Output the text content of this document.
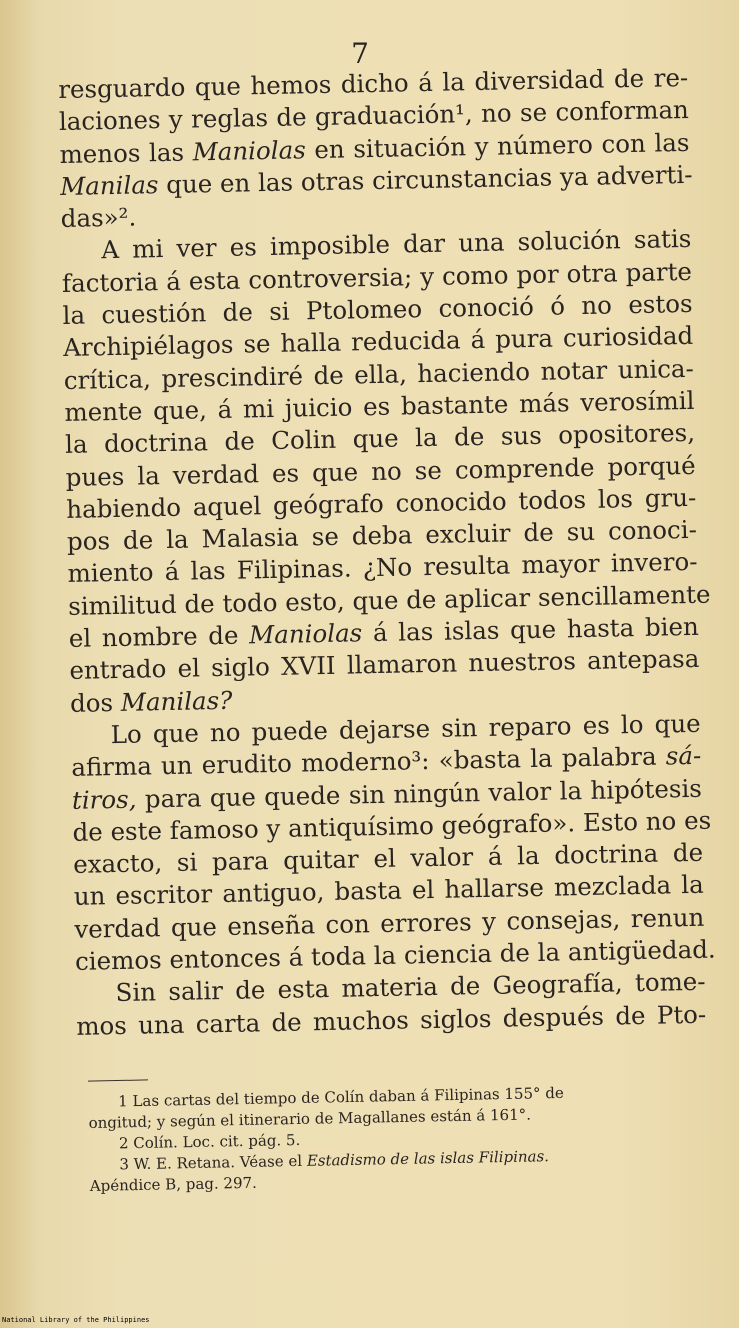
7
resguardo que hemos dicho á la diversidad de re-
laciones y reglas de graduación¹, no se conforman
menos las Maniolas en situación y número con las
Manilas que en las otras circunstancias ya adverti-
das»².
A mi ver es imposible dar una solución satis
factoria á esta controversia; y como por otra parte
la cuestión de si Ptolomeo conoció ó no estos
Archipiélagos se halla reducida á pura curiosidad
crítica, prescindiré de ella, haciendo notar unica-
mente que, á mi juicio es bastante más verosímil
la doctrina de Colin que la de sus opositores,
pues la verdad es que no se comprende porqué
habiendo aquel geógrafo conocido todos los gru-
pos de la Malasia se deba excluir de su conoci-
miento á las Filipinas. ¿No resulta mayor invero-
similitud de todo esto, que de aplicar sencillamente
el nombre de Maniolas á las islas que hasta bien
entrado el siglo XVII llamaron nuestros antepasa
dos Manilas?
Lo que no puede dejarse sin reparo es lo que
afirma un erudito moderno³: «basta la palabra sá-
tiros, para que quede sin ningún valor la hipótesis
de este famoso y antiquísimo geógrafo». Esto no es
exacto, si para quitar el valor á la doctrina de
un escritor antiguo, basta el hallarse mezclada la
verdad que enseña con errores y consejas, renun
ciemos entonces á toda la ciencia de la antigüedad.
Sin salir de esta materia de Geografía, tome-
mos una carta de muchos siglos después de Pto-
1 Las cartas del tiempo de Colín daban á Filipinas 155° de
ongitud; y según el itinerario de Magallanes están á 161°.
2 Colín. Loc. cit. pág. 5.
3 W. E. Retana. Véase el Estadismo de las islas Filipinas.
Apéndice B, pag. 297.
National Library of the Philippines
